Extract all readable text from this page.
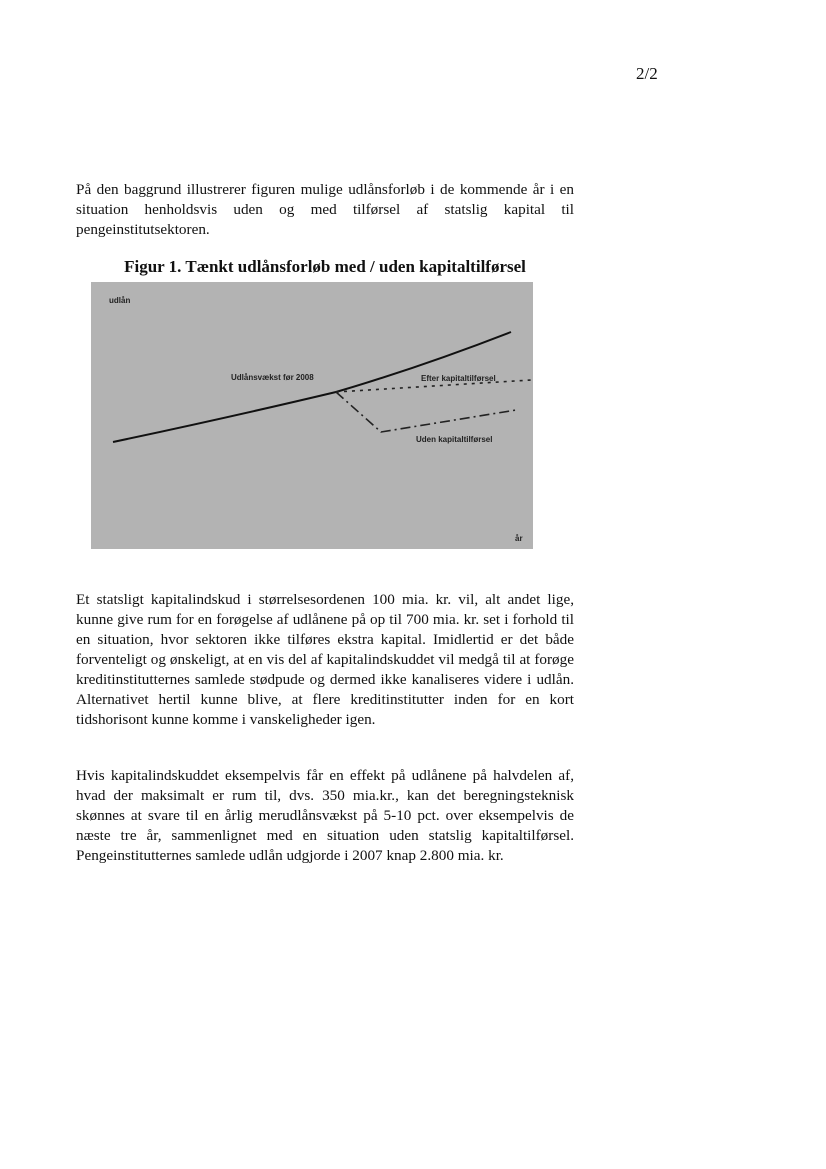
2/2

På den baggrund illustrerer figuren mulige udlånsforløb i de kommende år i en situation henholdsvis uden og med tilførsel af statslig kapital til pengeinstitutsektoren.

Figur 1. Tænkt udlånsforløb med / uden kapitaltilførsel
udlån
Udlånsvækst før 2008	Efter kapitaltilførsel
Uden kapitaltilførsel
år

Et statsligt kapitalindskud i størrelsesordenen 100 mia. kr. vil, alt andet lige, kunne give rum for en forøgelse af udlånene på op til 700 mia. kr. set i forhold til en situation, hvor sektoren ikke tilføres ekstra kapital. Imidlertid er det både forventeligt og ønskeligt, at en vis del af kapitalindskuddet vil medgå til at forøge kreditinstitutternes samlede stødpude og dermed ikke kanaliseres videre i udlån. Alternativet hertil kunne blive, at flere kreditinstitutter inden for en kort tidshorisont kunne komme i vanskeligheder igen.

Hvis kapitalindskuddet eksempelvis får en effekt på udlånene på halvdelen af, hvad der maksimalt er rum til, dvs. 350 mia.kr., kan det beregningsteknisk skønnes at svare til en årlig merudlånsvækst på 5-10 pct. over eksempelvis de næste tre år, sammenlignet med en situation uden statslig kapitaltilførsel. Pengeinstitutternes samlede udlån udgjorde i 2007 knap 2.800 mia. kr.
